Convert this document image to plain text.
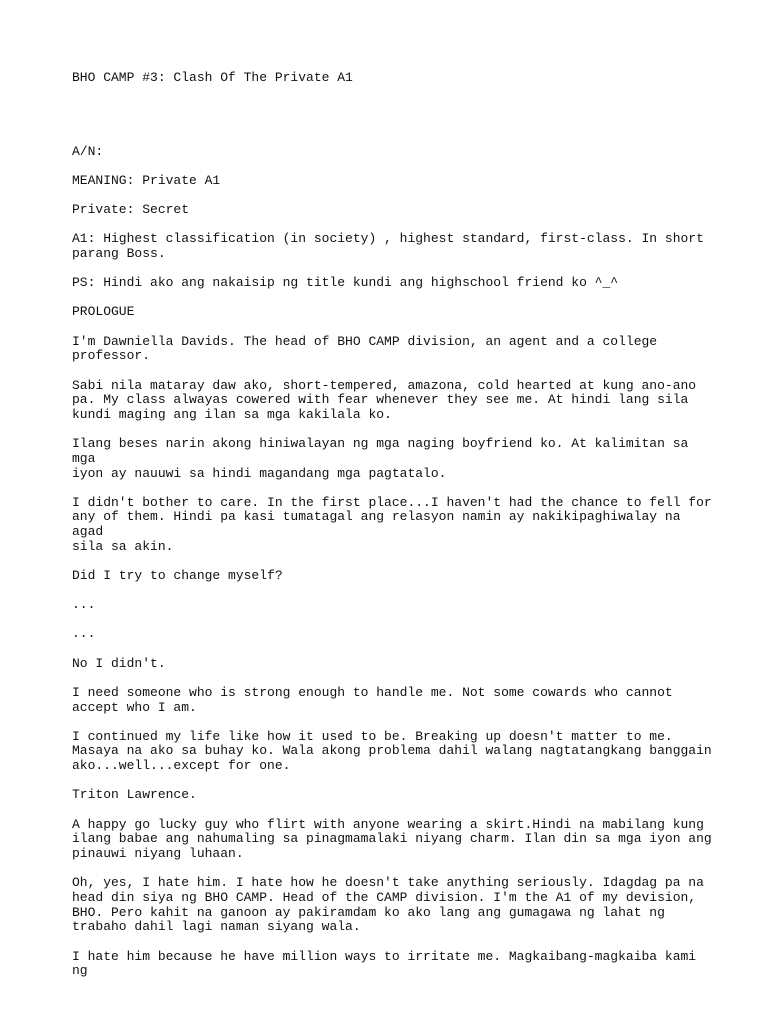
BHO CAMP #3: Clash Of The Private A1
A/N:
MEANING: Private A1
Private: Secret
A1: Highest classification (in society) , highest standard, first-class. In short
parang Boss.
PS: Hindi ako ang nakaisip ng title kundi ang highschool friend ko ^_^
PROLOGUE
I'm Dawniella Davids. The head of BHO CAMP division, an agent and a college
professor.
Sabi nila mataray daw ako, short-tempered, amazona, cold hearted at kung ano-ano
pa. My class alwayas cowered with fear whenever they see me. At hindi lang sila
kundi maging ang ilan sa mga kakilala ko.
Ilang beses narin akong hiniwalayan ng mga naging boyfriend ko. At kalimitan sa mga
iyon ay nauuwi sa hindi magandang mga pagtatalo.
I didn't bother to care. In the first place...I haven't had the chance to fell for
any of them. Hindi pa kasi tumatagal ang relasyon namin ay nakikipaghiwalay na agad
sila sa akin.
Did I try to change myself?
...
...
No I didn't.
I need someone who is strong enough to handle me. Not some cowards who cannot
accept who I am.
I continued my life like how it used to be. Breaking up doesn't matter to me.
Masaya na ako sa buhay ko. Wala akong problema dahil walang nagtatangkang banggain
ako...well...except for one.
Triton Lawrence.
A happy go lucky guy who flirt with anyone wearing a skirt.Hindi na mabilang kung
ilang babae ang nahumaling sa pinagmamalaki niyang charm. Ilan din sa mga iyon ang
pinauwi niyang luhaan.
Oh, yes, I hate him. I hate how he doesn't take anything seriously. Idagdag pa na
head din siya ng BHO CAMP. Head of the CAMP division. I'm the A1 of my devision,
BHO. Pero kahit na ganoon ay pakiramdam ko ako lang ang gumagawa ng lahat ng
trabaho dahil lagi naman siyang wala.
I hate him because he have million ways to irritate me. Magkaibang-magkaiba kami ng
